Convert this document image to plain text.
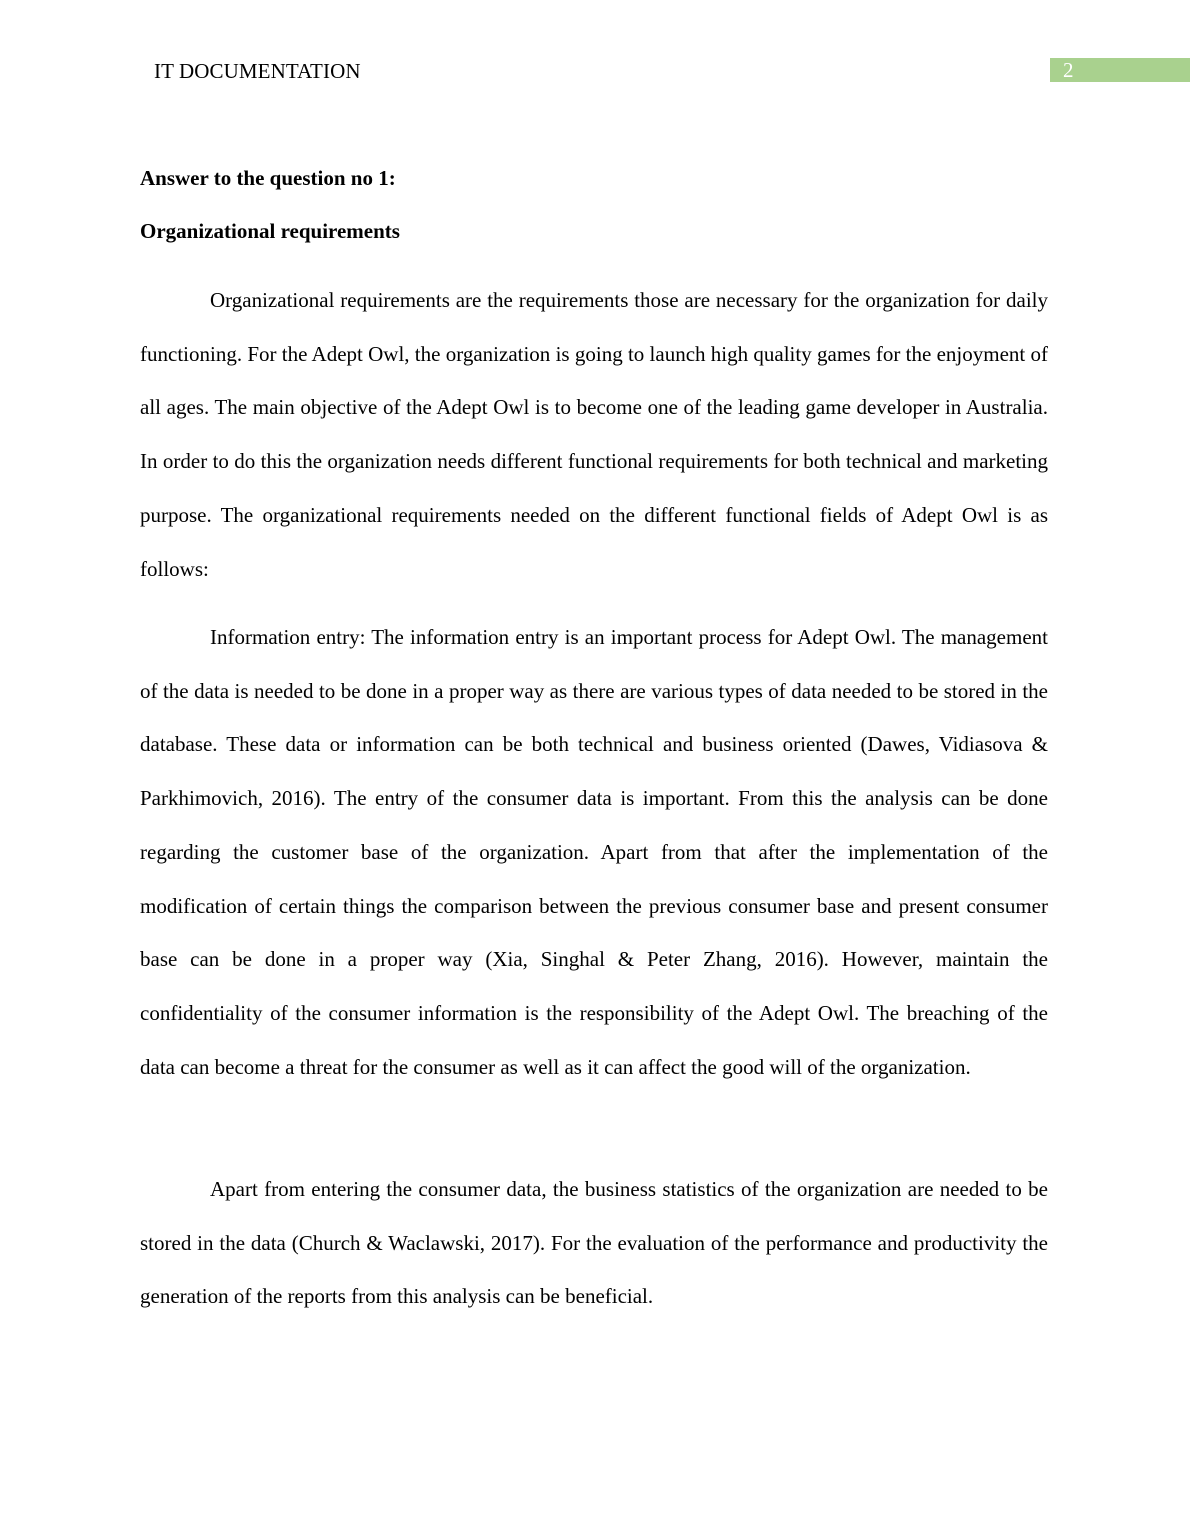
IT DOCUMENTATION	2
Answer to the question no 1:
Organizational requirements

Organizational requirements are the requirements those are necessary for the organization for daily functioning. For the Adept Owl, the organization is going to launch high quality games for the enjoyment of all ages. The main objective of the Adept Owl is to become one of the leading game developer in Australia. In order to do this the organization needs different functional requirements for both technical and marketing purpose. The organizational requirements needed on the different functional fields of Adept Owl is as follows:

Information entry: The information entry is an important process for Adept Owl. The management of the data is needed to be done in a proper way as there are various types of data needed to be stored in the database. These data or information can be both technical and business oriented (Dawes, Vidiasova & Parkhimovich, 2016). The entry of the consumer data is important. From this the analysis can be done regarding the customer base of the organization. Apart from that after the implementation of the modification of certain things the comparison between the previous consumer base and present consumer base can be done in a proper way (Xia, Singhal & Peter Zhang, 2016). However, maintain the confidentiality of the consumer information is the responsibility of the Adept Owl. The breaching of the data can become a threat for the consumer as well as it can affect the good will of the organization.

Apart from entering the consumer data, the business statistics of the organization are needed to be stored in the data (Church & Waclawski, 2017). For the evaluation of the performance and productivity the generation of the reports from this analysis can be beneficial.
